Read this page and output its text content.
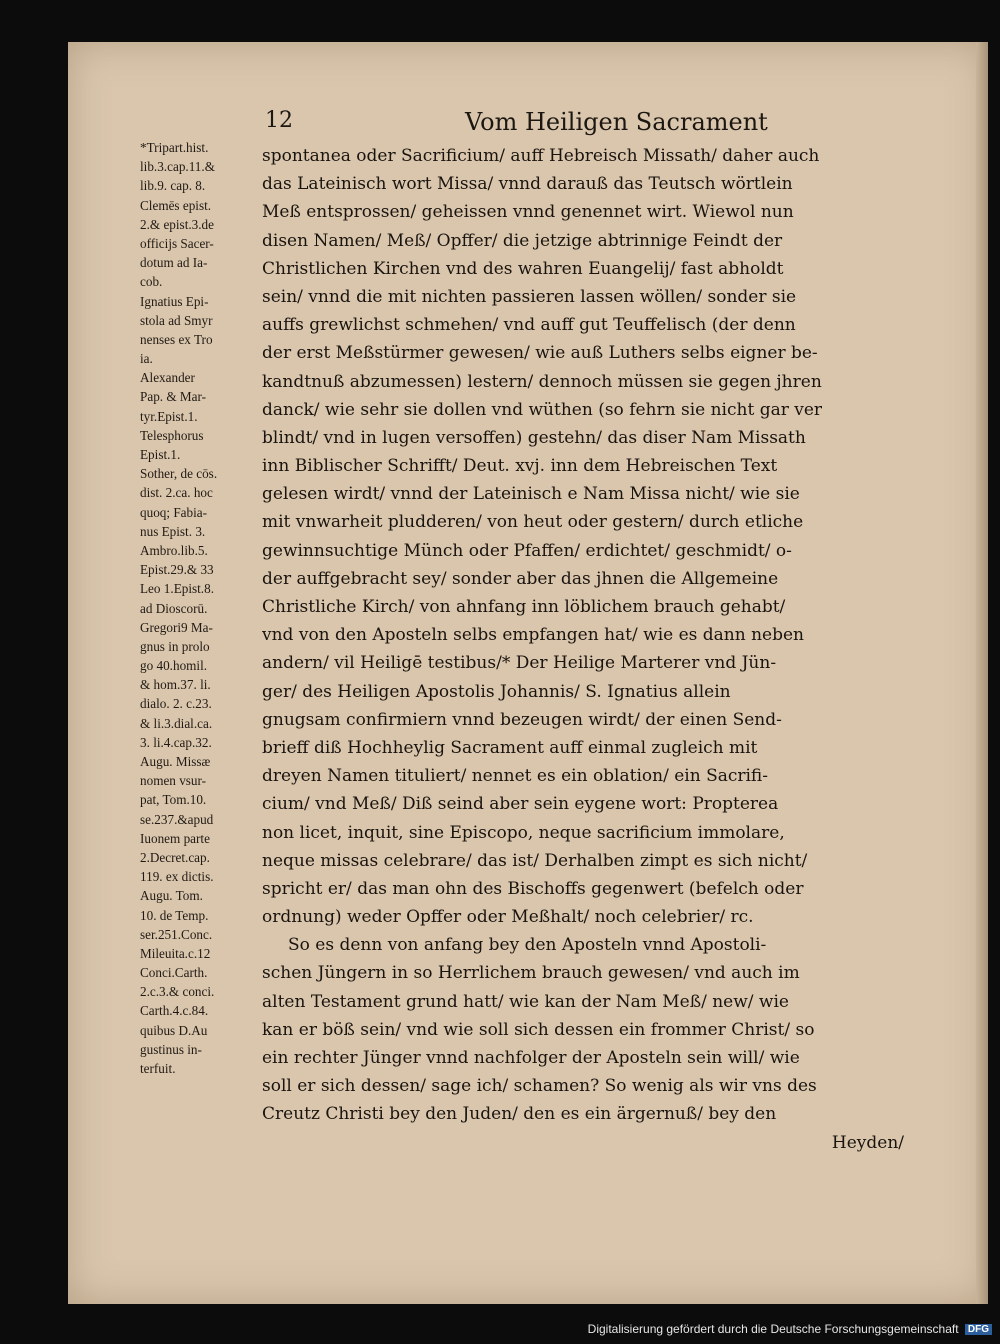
12	Vom Heiligen Sacrament
*Tripart.hist.
lib.3.cap.11.&
lib.9. cap. 8.
Clemēs epist.
2.& epist.3.de
officijs Sacer-
dotum ad Ia-
cob.
Ignatius Epi-
stola ad Smyr
nenses ex Tro
ia.
Alexander
Pap. & Mar-
tyr.Epist.1.
Telesphorus
Epist.1.
Sother, de cōs.
dist. 2.ca. hoc
quoq; Fabia-
nus Epist. 3.
Ambro.lib.5.
Epist.29.& 33
Leo 1.Epist.8.
ad Dioscorū.
Gregori9 Ma-
gnus in prolo
go 40.homil.
& hom.37. li.
dialo. 2. c.23.
& li.3.dial.ca.
3. li.4.cap.32.
Augu. Missæ
nomen vsur-
pat, Tom.10.
se.237.&apud
Iuonem parte
2.Decret.cap.
119. ex dictis.
Augu. Tom.
10. de Temp.
ser.251.Conc.
Mileuita.c.12
Conci.Carth.
2.c.3.& conci.
Carth.4.c.84.
quibus D.Au
gustinus in-
terfuit.
spontanea oder Sacrificium/ auff Hebreisch Missath/ daher auch
das Lateinisch wort Missa/ vnnd darauß das Teutsch wörtlein
Meß entsprossen/ geheissen vnnd genennet wirt. Wiewol nun
disen Namen/ Meß/ Opffer/ die jetzige abtrinnige Feindt der
Christlichen Kirchen vnd des wahren Euangelij/ fast abholdt
sein/ vnnd die mit nichten passieren lassen wöllen/ sonder sie
auffs grewlichst schmehen/ vnd auff gut Teuffelisch (der denn
der erst Meßstürmer gewesen/ wie auß Luthers selbs eigner be-
kandtnuß abzumessen) lestern/ dennoch müssen sie gegen jhren
danck/ wie sehr sie dollen vnd wüthen (so fehrn sie nicht gar ver
blindt/ vnd in lugen versoffen) gestehn/ das diser Nam Missath
inn Biblischer Schrifft/ Deut. xvj. inn dem Hebreischen Text
gelesen wirdt/ vnnd der Lateinisch e Nam Missa nicht/ wie sie
mit vnwarheit pludderen/ von heut oder gestern/ durch etliche
gewinnsuchtige Münch oder Pfaffen/ erdichtet/ geschmidt/ o-
der auffgebracht sey/ sonder aber das jhnen die Allgemeine
Christliche Kirch/ von ahnfang inn löblichem brauch gehabt/
vnd von den Aposteln selbs empfangen hat/ wie es dann neben
andern/ vil Heiligē testibus/* Der Heilige Marterer vnd Jün-
ger/ des Heiligen Apostolis Johannis/ S. Ignatius allein
gnugsam confirmiern vnnd bezeugen wirdt/ der einen Send-
brieff diß Hochheylig Sacrament auff einmal zugleich mit
dreyen Namen tituliert/ nennet es ein oblation/ ein Sacrifi-
cium/ vnd Meß/ Diß seind aber sein eygene wort: Propterea
non licet, inquit, sine Episcopo, neque sacrificium immolare,
neque missas celebrare/ das ist/ Derhalben zimpt es sich nicht/
spricht er/ das man ohn des Bischoffs gegenwert (befelch oder
ordnung) weder Opffer oder Meßhalt/ noch celebrier/ rc.
So es denn von anfang bey den Aposteln vnnd Apostoli-
schen Jüngern in so Herrlichem brauch gewesen/ vnd auch im
alten Testament grund hatt/ wie kan der Nam Meß/ new/ wie
kan er böß sein/ vnd wie soll sich dessen ein frommer Christ/ so
ein rechter Jünger vnnd nachfolger der Aposteln sein will/ wie
soll er sich dessen/ sage ich/ schamen? So wenig als wir vns des
Creutz Christi bey den Juden/ den es ein ärgernuß/ bey den
Heyden/
Digitalisierung gefördert durch die Deutsche Forschungsgemeinschaft DFG
